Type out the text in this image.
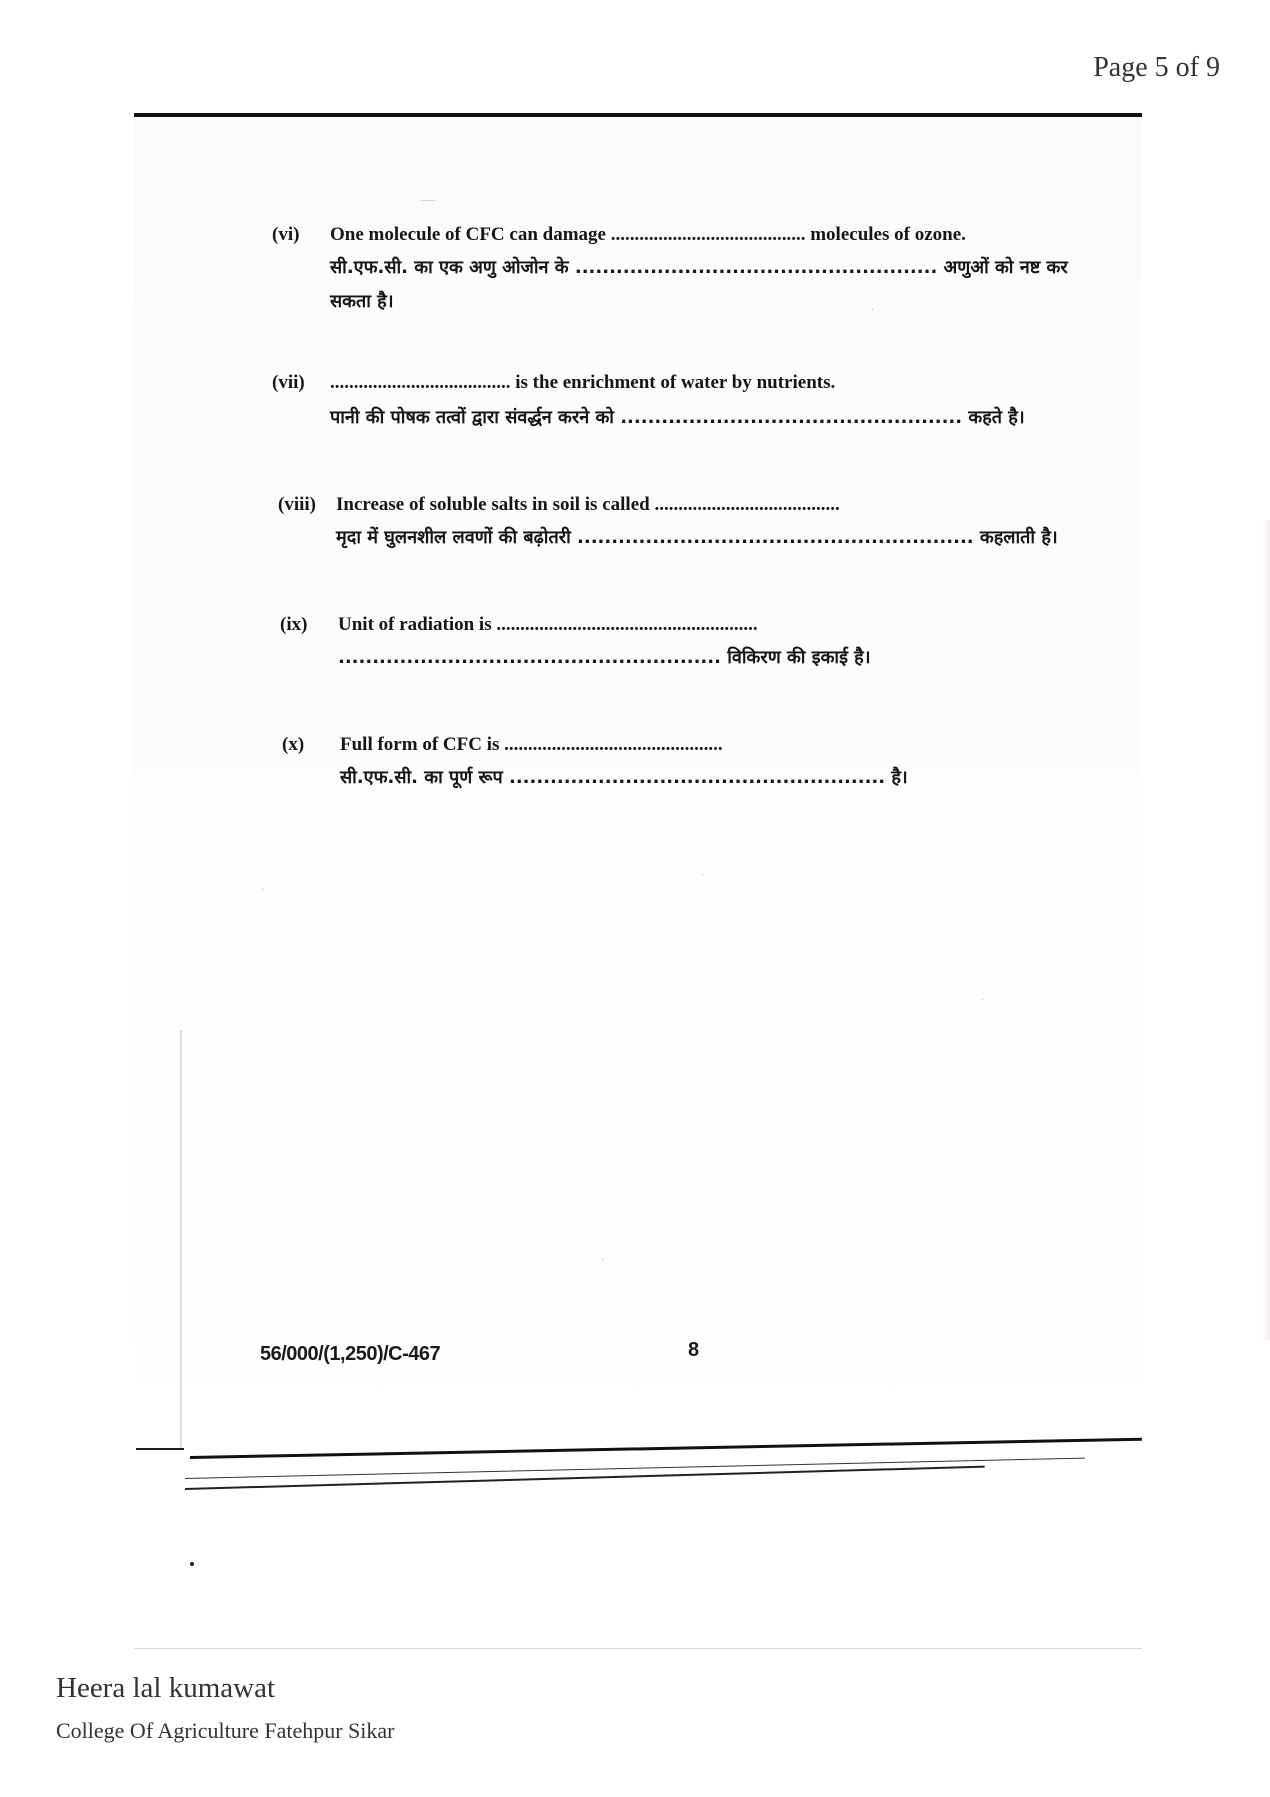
Page 5 of 9
—
·
·
·
·
·
(vi) One molecule of CFC can damage ......................................... molecules of ozone.
सी.एफ.सी. का एक अणु ओजोन के ..................................................... अणुओं को नष्ट कर
सकता है।
(vii) ...................................... is the enrichment of water by nutrients.
पानी की पोषक तत्वों द्वारा संवर्द्धन करने को .................................................. कहते है।
(viii) Increase of soluble salts in soil is called .......................................
मृदा में घुलनशील लवणों की बढ़ोतरी .......................................................... कहलाती है।
(ix) Unit of radiation is .......................................................
........................................................ विकिरण की इकाई है।
(x) Full form of CFC is ..............................................
सी.एफ.सी. का पूर्ण रूप ....................................................... है।
56/000/(1,250)/C-467	8
Heera lal kumawat
College Of Agriculture Fatehpur Sikar
